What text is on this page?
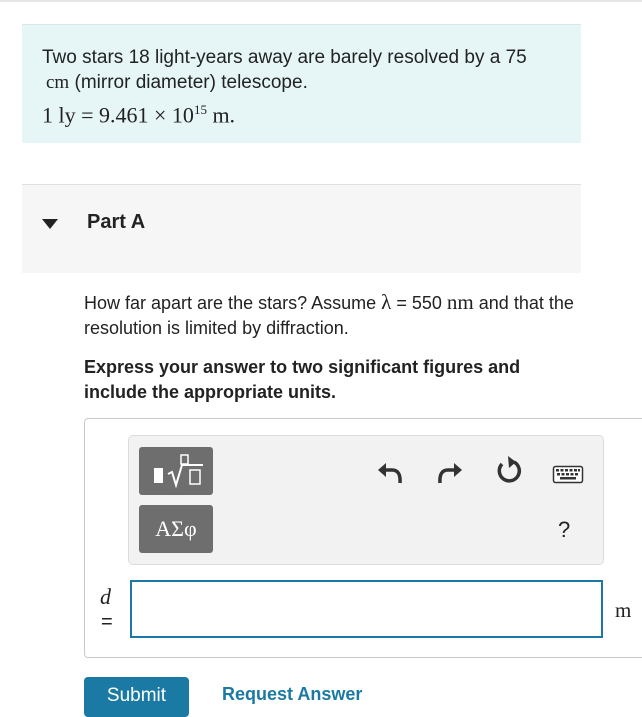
Two stars 18 light-years away are barely resolved by a 75
cm (mirror diameter) telescope.
1 ly = $9.461 \times 10^{15}$ m.
Part A
How far apart are the stars? Assume λ = 550 nm and that the resolution is limited by diffraction.
Express your answer to two significant figures and include the appropriate units.
ΑΣφ	?
d
=	m
Submit	Request Answer
